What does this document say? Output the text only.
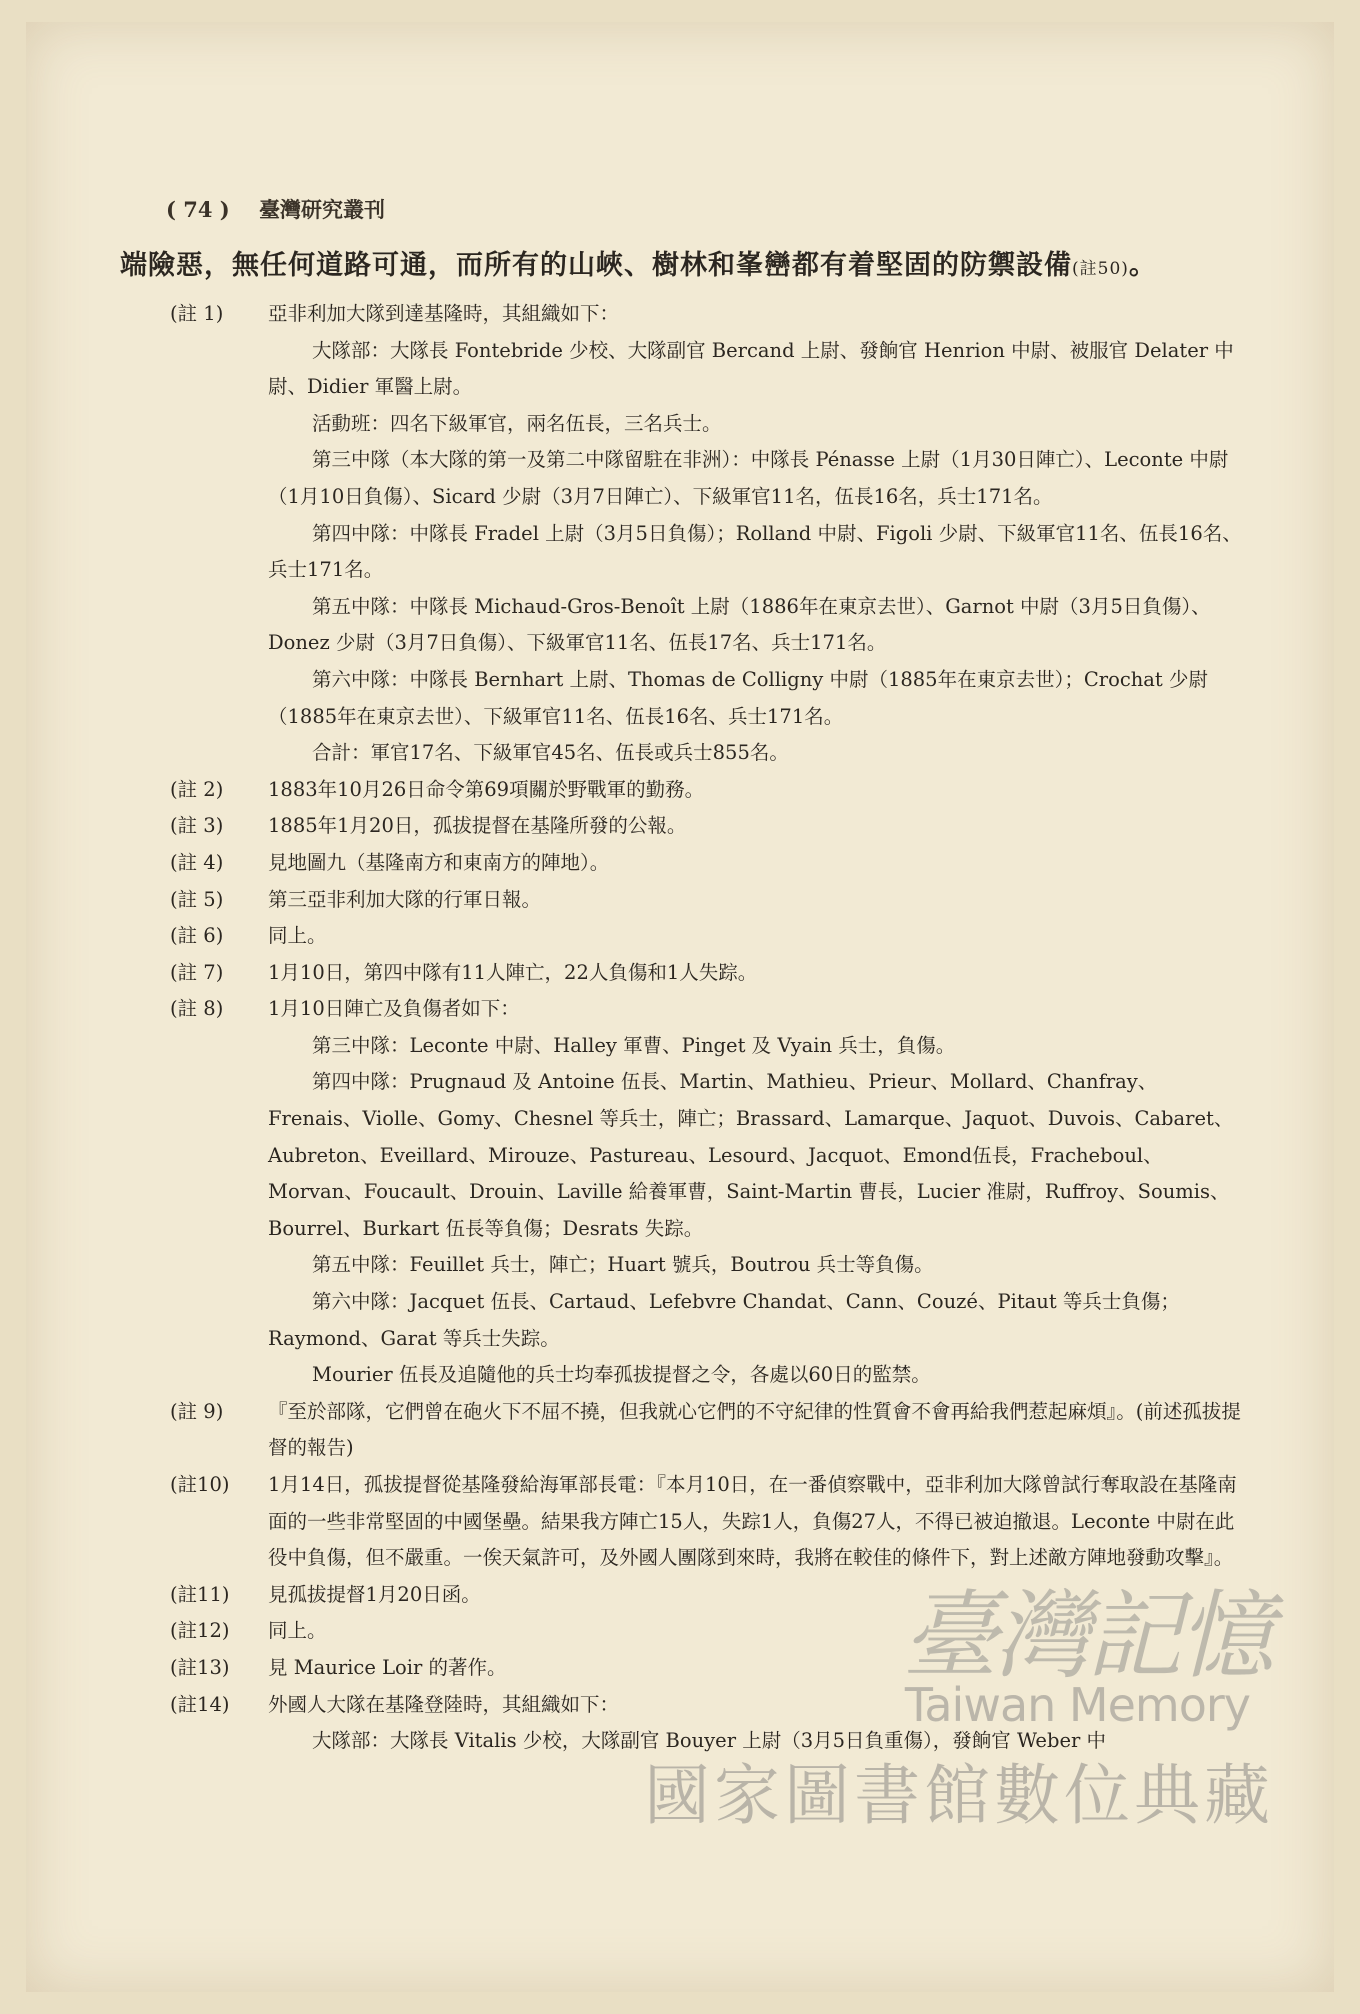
( 74 ) 臺灣研究叢刊
端險惡，無任何道路可通，而所有的山峽、樹林和峯巒都有着堅固的防禦設備(註50)。
(註 1) 亞非利加大隊到達基隆時，其組織如下：
大隊部：大隊長 Fontebride 少校、大隊副官 Bercand 上尉、發餉官 Henrion 中尉、被服官 Delater 中尉、Didier 軍醫上尉。
活動班：四名下級軍官，兩名伍長，三名兵士。
第三中隊（本大隊的第一及第二中隊留駐在非洲）：中隊長 Pénasse 上尉（1月30日陣亡）、Leconte 中尉（1月10日負傷）、Sicard 少尉（3月7日陣亡）、下級軍官11名，伍長16名，兵士171名。
第四中隊：中隊長 Fradel 上尉（3月5日負傷）；Rolland 中尉、Figoli 少尉、下級軍官11名、伍長16名、兵士171名。
第五中隊：中隊長 Michaud-Gros-Benoît 上尉（1886年在東京去世）、Garnot 中尉（3月5日負傷）、Donez 少尉（3月7日負傷）、下級軍官11名、伍長17名、兵士171名。
第六中隊：中隊長 Bernhart 上尉、Thomas de Colligny 中尉（1885年在東京去世）；Crochat 少尉（1885年在東京去世）、下級軍官11名、伍長16名、兵士171名。
合計：軍官17名、下級軍官45名、伍長或兵士855名。
(註 2) 1883年10月26日命令第69項關於野戰軍的勤務。
(註 3) 1885年1月20日，孤拔提督在基隆所發的公報。
(註 4) 見地圖九（基隆南方和東南方的陣地）。
(註 5) 第三亞非利加大隊的行軍日報。
(註 6) 同上。
(註 7) 1月10日，第四中隊有11人陣亡，22人負傷和1人失踪。
(註 8) 1月10日陣亡及負傷者如下：
第三中隊：Leconte 中尉、Halley 軍曹、Pinget 及 Vyain 兵士，負傷。
第四中隊：Prugnaud 及 Antoine 伍長、Martin、Mathieu、Prieur、Mollard、Chanfray、Frenais、Violle、Gomy、Chesnel 等兵士，陣亡；Brassard、Lamarque、Jaquot、Duvois、Cabaret、Aubreton、Eveillard、Mirouze、Pastureau、Lesourd、Jacquot、Emond伍長，Fracheboul、Morvan、Foucault、Drouin、Laville 給養軍曹，Saint-Martin 曹長，Lucier 准尉，Ruffroy、Soumis、Bourrel、Burkart 伍長等負傷；Desrats 失踪。
第五中隊：Feuillet 兵士，陣亡；Huart 號兵，Boutrou 兵士等負傷。
第六中隊：Jacquet 伍長、Cartaud、Lefebvre Chandat、Cann、Couzé、Pitaut 等兵士負傷；Raymond、Garat 等兵士失踪。
Mourier 伍長及追隨他的兵士均奉孤拔提督之令，各處以60日的監禁。
(註 9) 『至於部隊，它們曾在砲火下不屈不撓，但我就心它們的不守紀律的性質會不會再給我們惹起麻煩』。(前述孤拔提督的報告)
(註10) 1月14日，孤拔提督從基隆發給海軍部長電：『本月10日，在一番偵察戰中，亞非利加大隊曾試行奪取設在基隆南面的一些非常堅固的中國堡壘。結果我方陣亡15人，失踪1人，負傷27人，不得已被迫撤退。Leconte 中尉在此役中負傷，但不嚴重。一俟天氣許可，及外國人團隊到來時，我將在較佳的條件下，對上述敵方陣地發動攻擊』。
(註11) 見孤拔提督1月20日函。
(註12) 同上。
(註13) 見 Maurice Loir 的著作。
(註14) 外國人大隊在基隆登陸時，其組織如下：
大隊部：大隊長 Vitalis 少校，大隊副官 Bouyer 上尉（3月5日負重傷），發餉官 Weber 中
臺灣記憶
Taiwan Memory
國家圖書館數位典藏
